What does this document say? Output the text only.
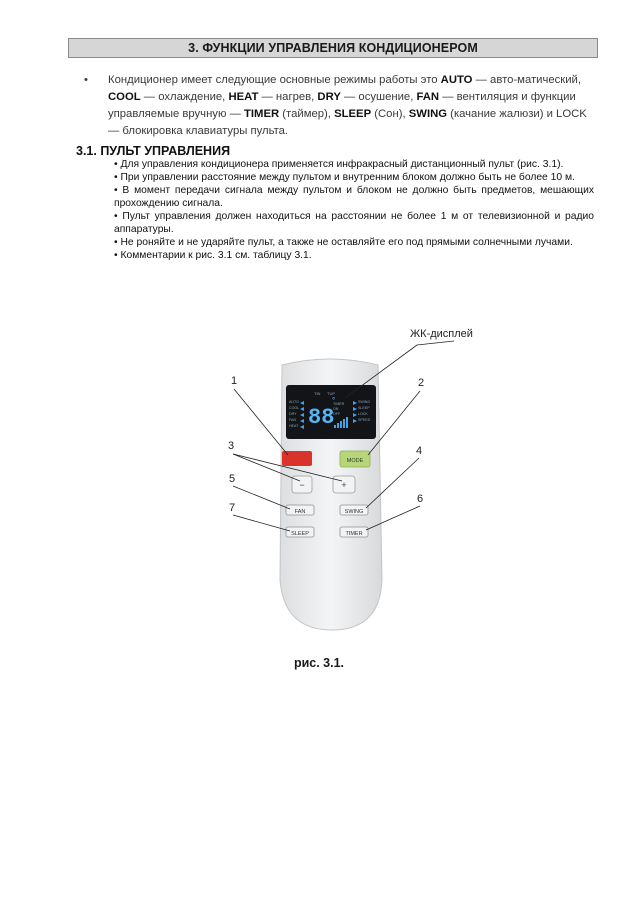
3. ФУНКЦИИ УПРАВЛЕНИЯ КОНДИЦИОНЕРОМ
•	Кондиционер имеет следующие основные режимы работы это AUTO — авто-матический, COOL — охлаждение, HEAT — нагрев, DRY — осушение, FAN — вентиляция и функции управляемые вручную — TIMER (таймер), SLEEP (Сон), SWING (качание жалюзи) и LOCK — блокировка клавиатуры пульта.
3.1. ПУЛЬТ УПРАВЛЕНИЯ

• Для управления кондиционера применяется инфракрасный дистанционный пульт (рис. 3.1).

• При управлении расстояние между пультом и внутренним блоком должно быть не более 10 м.

• В момент передачи сигнала между пультом и блоком не должно быть предметов, мешающих прохождению сигнала.

• Пульт управления должен находиться на расстоянии не более 1 м от телевизионной и радио аппаратуры.

• Не роняйте и не ударяйте пульт, а также не оставляйте его под прямыми солнечными лучами.

• Комментарии к рис. 3.1 см. таблицу 3.1.

TIN TUP
AUTO
COOL
DRY
FAN
HEAT
SWING
SLEEP
LOCK
SPEED
TIMER
ON
OFF
88
°
MODE
−	+
FAN	SWING
SLEEP	TIMER
ЖК-дисплей
1	2
3	4
5
6
7
рис. 3.1.
